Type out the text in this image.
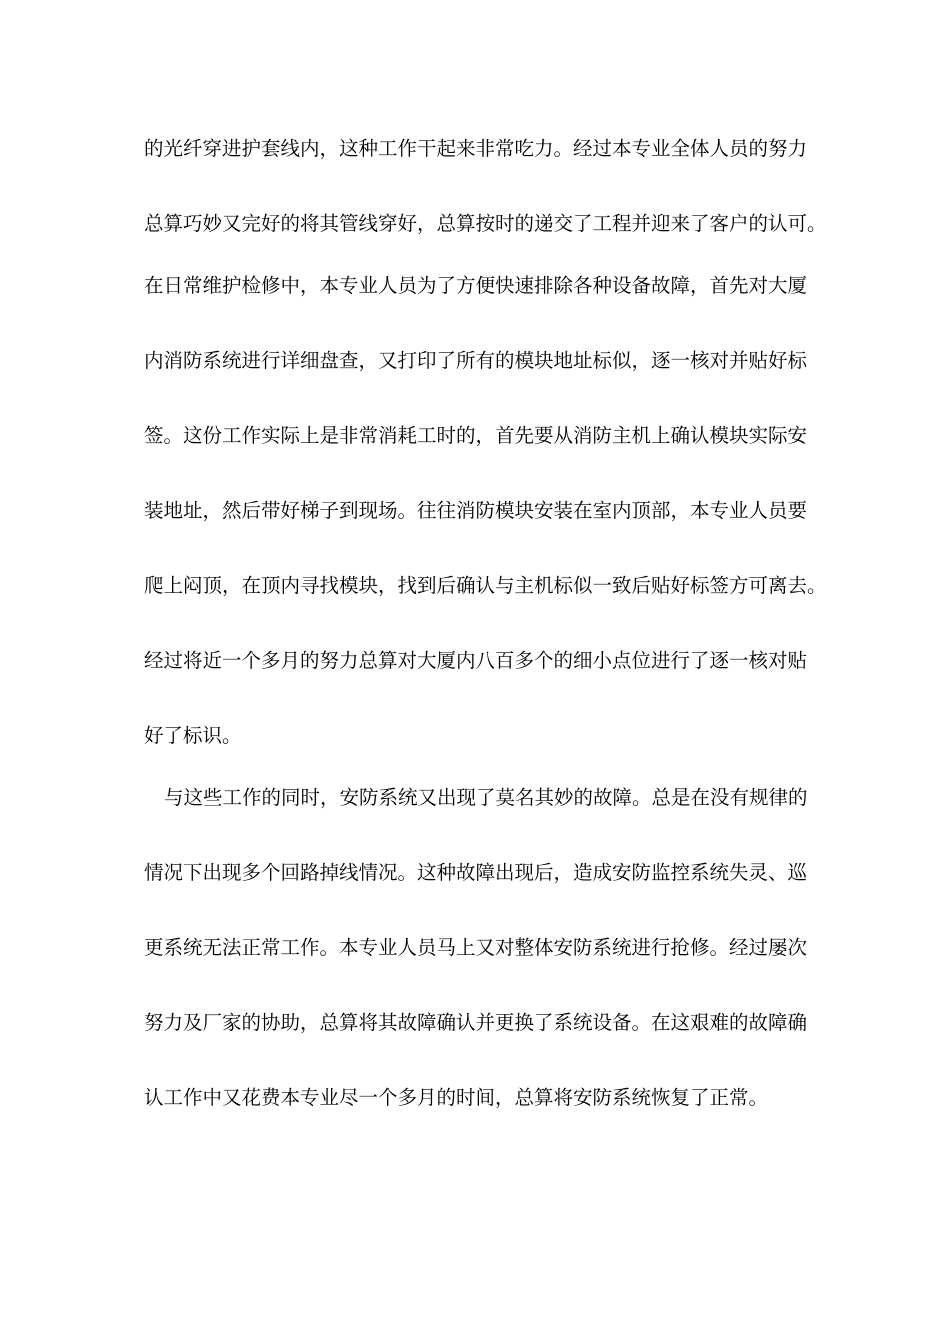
的光纤穿进护套线内，这种工作干起来非常吃力。经过本专业全体人员的努力
总算巧妙又完好的将其管线穿好，总算按时的递交了工程并迎来了客户的认可。
在日常维护检修中，本专业人员为了方便快速排除各种设备故障，首先对大厦
内消防系统进行详细盘查，又打印了所有的模块地址标似，逐一核对并贴好标
签。这份工作实际上是非常消耗工时的，首先要从消防主机上确认模块实际安
装地址，然后带好梯子到现场。往往消防模块安装在室内顶部，本专业人员要
爬上闷顶，在顶内寻找模块，找到后确认与主机标似一致后贴好标签方可离去。
经过将近一个多月的努力总算对大厦内八百多个的细小点位进行了逐一核对贴
好了标识。
与这些工作的同时，安防系统又出现了莫名其妙的故障。总是在没有规律的
情况下出现多个回路掉线情况。这种故障出现后，造成安防监控系统失灵、巡
更系统无法正常工作。本专业人员马上又对整体安防系统进行抢修。经过屡次
努力及厂家的协助，总算将其故障确认并更换了系统设备。在这艰难的故障确
认工作中又花费本专业尽一个多月的时间，总算将安防系统恢复了正常。
